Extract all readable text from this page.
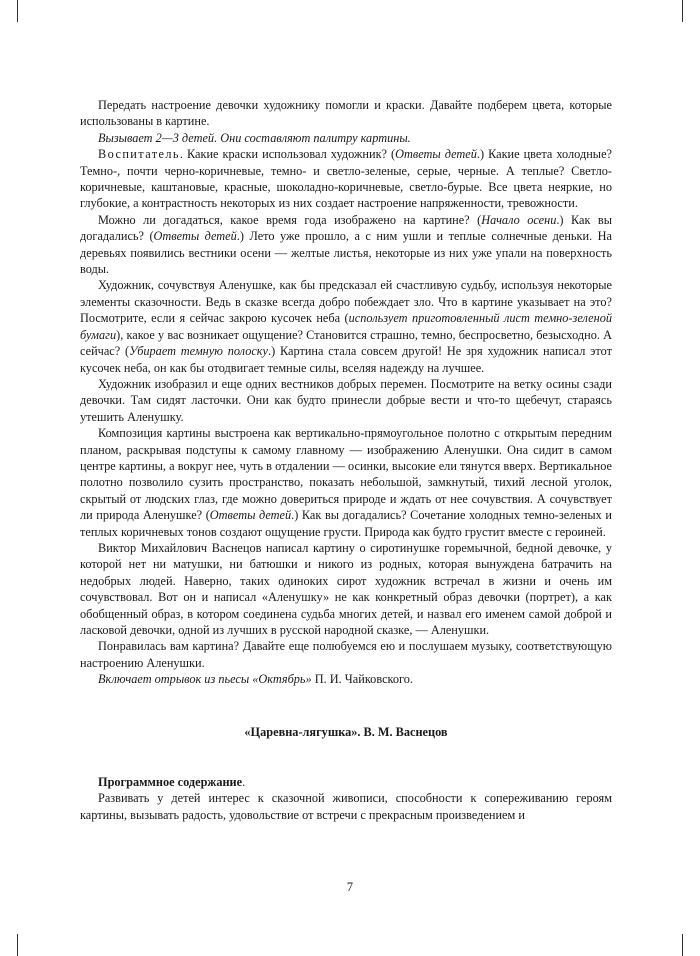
Передать настроение девочки художнику помогли и краски. Давайте подберем цвета, которые использованы в картине.

Вызывает 2—3 детей. Они составляют палитру картины.

Воспитатель. Какие краски использовал художник? (Ответы детей.) Какие цвета холодные? Темно-, почти черно-коричневые, темно- и светло-зеленые, серые, черные. А теплые? Светло-коричневые, каштановые, красные, шоколадно-коричневые, светло-бурые. Все цвета неяркие, но глубокие, а контрастность некоторых из них создает настроение напряженности, тревожности.

Можно ли догадаться, какое время года изображено на картине? (Начало осени.) Как вы догадались? (Ответы детей.) Лето уже прошло, а с ним ушли и теплые солнечные деньки. На деревьях появились вестники осени — желтые листья, некоторые из них уже упали на поверхность воды.

Художник, сочувствуя Аленушке, как бы предсказал ей счастливую судьбу, используя некоторые элементы сказочности. Ведь в сказке всегда добро побеждает зло. Что в картине указывает на это? Посмотрите, если я сейчас закрою кусочек неба (использует приготовленный лист темно-зеленой бумаги), какое у вас возникает ощущение? Становится страшно, темно, беспросветно, безысходно. А сейчас? (Убирает темную полоску.) Картина стала совсем другой! Не зря художник написал этот кусочек неба, он как бы отодвигает темные силы, вселяя надежду на лучшее.

Художник изобразил и еще одних вестников добрых перемен. Посмотрите на ветку осины сзади девочки. Там сидят ласточки. Они как будто принесли добрые вести и что-то щебечут, стараясь утешить Аленушку.

Композиция картины выстроена как вертикально-прямоугольное полотно с открытым передним планом, раскрывая подступы к самому главному — изображению Аленушки. Она сидит в самом центре картины, а вокруг нее, чуть в отдалении — осинки, высокие ели тянутся вверх. Вертикальное полотно позволило сузить пространство, показать небольшой, замкнутый, тихий лесной уголок, скрытый от людских глаз, где можно довериться природе и ждать от нее сочувствия. А сочувствует ли природа Аленушке? (Ответы детей.) Как вы догадались? Сочетание холодных темно-зеленых и теплых коричневых тонов создают ощущение грусти. Природа как будто грустит вместе с героиней.

Виктор Михайлович Васнецов написал картину о сиротинушке горемычной, бедной девочке, у которой нет ни матушки, ни батюшки и никого из родных, которая вынуждена батрачить на недобрых людей. Наверно, таких одиноких сирот художник встречал в жизни и очень им сочувствовал. Вот он и написал «Аленушку» не как конкретный образ девочки (портрет), а как обобщенный образ, в котором соединена судьба многих детей, и назвал его именем самой доброй и ласковой девочки, одной из лучших в русской народной сказке, — Аленушки.

Понравилась вам картина? Давайте еще полюбуемся ею и послушаем музыку, соответствующую настроению Аленушки.

Включает отрывок из пьесы «Октябрь» П. И. Чайковского.

«Царевна-лягушка». В. М. Васнецов

Программное содержание.

Развивать у детей интерес к сказочной живописи, способности к сопереживанию героям картины, вызывать радость, удовольствие от встречи с прекрасным произведением и

7
